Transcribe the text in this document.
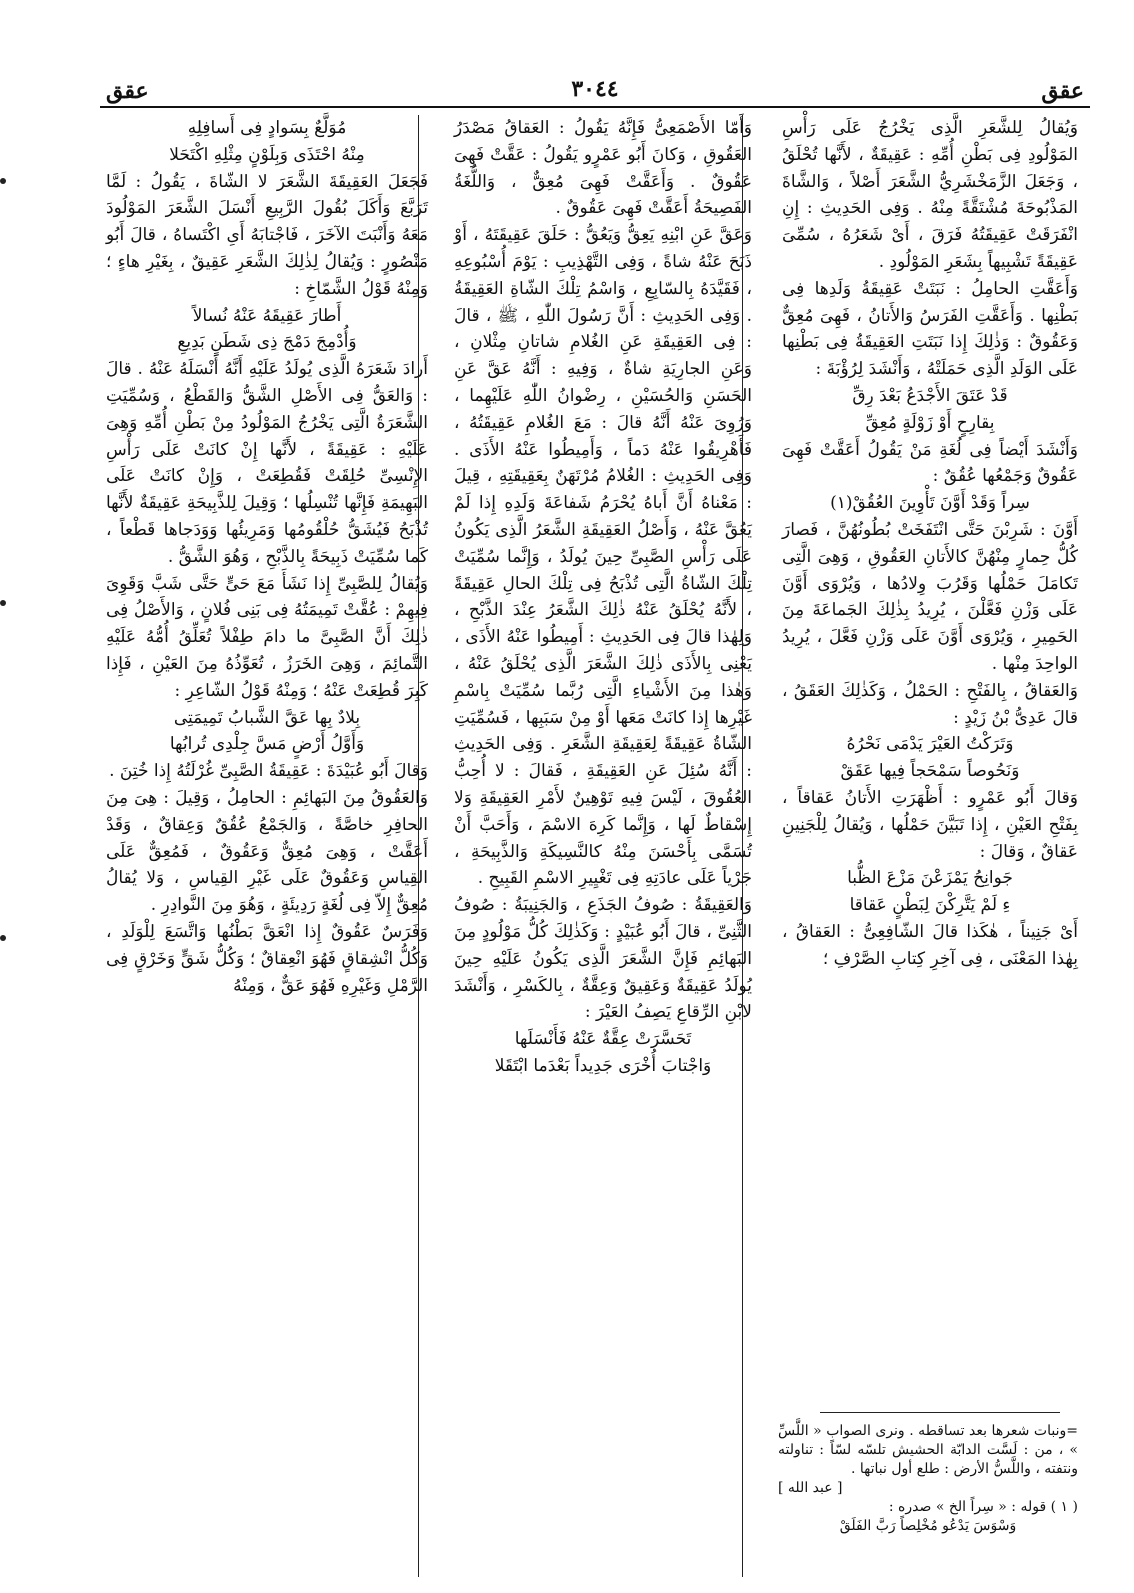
عقق
٣٠٤٤
عقق

وَيُقالُ لِلشَّعَرِ الَّذِى يَخْرُجُ عَلَى رَأْسِ المَوْلُودِ فِى بَطْنِ أُمِّهِ : عَقِيقَةٌ ، لأَنَّها تُحْلَقُ ، وَجَعَلَ الزَّمَخْشَرِيُّ الشَّعَرَ أَصْلاً ، وَالشَّاةَ المَذْبُوحَةَ مُشْتَقَّةً مِنْهُ . وَفِى الحَدِيثِ : إِنِ انْفَرَقَتْ عَقِيقَتُهُ فَرَقَ ، أَىْ شَعَرُهُ ، سُمِّىَ عَقِيقَةً تَشْبِيهاً بِشَعَرِ المَوْلُودِ .

وَأَعَقَّتِ الحامِلُ : نَبَتَتْ عَقِيقَةُ وَلَدِها فِى بَطْنِها . وَأَعَقَّتِ الفَرَسُ وَالأَتانُ ، فَهِىَ مُعِقٌّ وَعَقُوقٌ : وَذٰلِكَ إِذا نَبَتَتِ العَقِيقَةُ فِى بَطْنِها عَلَى الوَلَدِ الَّذِى حَمَلَتْهُ ، وَأَنْشَدَ لِرُؤْبَةَ :

قَدْ عَتَقَ الأَجْدَعُ بَعْدَ رِقِّ

بِقارِحٍ أَوْ زَوْلَةٍ مُعِقِّ

وَأَنْشَدَ أَيْضاً فِى لُغَةِ مَنْ يَقُولُ أَعَقَّتْ فَهِىَ عَقُوقٌ وَجَمْعُها عُقُقٌ :

سِراً وَقَدْ أَوَّنَ تَأْوِينَ العُقُقْ(١)

أَوَّنَ : شَرِبْنَ حَتَّى انْتَفَخَتْ بُطُونُهُنَّ ، فَصارَ كُلُّ حِمارٍ مِنْهُنَّ كالأَتانِ العَقُوقِ ، وَهِىَ الَّتِى تَكامَلَ حَمْلُها وَقَرُبَ وِلادُها ، وَيُرْوَى أَوَّنَ عَلَى وَزْنِ فَعَّلْنَ ، يُرِيدُ بِذٰلِكَ الجَماعَةَ مِنَ الحَمِيرِ ، وَيُرْوَى أَوَّنَ عَلَى وَزْنِ فَعَّلَ ، يُرِيدُ الواحِدَ مِنْها .

وَالعَقاقُ ، بِالفَتْحِ : الحَمْلُ ، وَكَذٰلِكَ العَقَقُ ، قالَ عَدِىُّ بْنُ زَيْدٍ :

وَتَرَكْتُ العَيْرَ يَدْمَى نَحْرُهُ

وَنَحُوصاً سَمْحَجاً فِيها عَقَقْ

وَقالَ أَبُو عَمْرٍو : أَظْهَرَتِ الأَتانُ عَقاقاً ، بِفَتْحِ العَيْنِ ، إِذا تَبَيَّنَ حَمْلُها ، وَيُقالُ لِلْجَنِينِ عَقاقٌ ، وَقالَ :

جَوانِحُ يَمْزَعْنَ مَزْعَ الظُّبا

ءِ لَمْ يَتَّرِكْنَ لِبَطْنٍ عَقاقا

أَىْ جَنِيناً ، هٰكَذا قالَ الشّافِعِىُّ : العَقاقُ ، بِهٰذا المَعْنَى ، فِى آخِرِ كِتابِ الصَّرْفِ ؛

وَأَمّا الأَصْمَعِىُّ فَإِنَّهُ يَقُولُ : العَقاقُ مَصْدَرُ العَقُوقِ ، وَكانَ أَبُو عَمْرٍو يَقُولُ : عَقَّتْ فَهِىَ عَقُوقٌ . وَأَعَقَّتْ فَهِىَ مُعِقٌّ ، وَاللُّغَةُ الفَصِيحَةُ أَعَقَّتْ فَهِىَ عَقُوقٌ .

وَعَقَّ عَنِ ابْنِهِ يَعِقُّ وَيَعُقُّ : حَلَقَ عَقِيقَتَهُ ، أَوْ ذَبَحَ عَنْهُ شاةً ، وَفِى التَّهْذِيبِ : يَوْمَ أُسْبُوعِهِ ، فَقَيَّدَهُ بِالسّابِعِ ، وَاسْمُ تِلْكَ الشّاةِ العَقِيقَةُ . وَفِى الحَدِيثِ : أَنَّ رَسُولَ اللّٰهِ ، ﷺ ، قالَ : فِى العَقِيقَةِ عَنِ الغُلامِ شاتانِ مِثْلانِ ، وَعَنِ الجارِيَةِ شاةٌ ، وَفِيهِ : أَنَّهُ عَقَّ عَنِ الحَسَنِ وَالحُسَيْنِ ، رِضْوانُ اللّٰهِ عَلَيْهِما ، وَرُوِىَ عَنْهُ أَنَّهُ قالَ : مَعَ الغُلامِ عَقِيقَتُهُ ، فَأَهْرِيقُوا عَنْهُ دَماً ، وَأَمِيطُوا عَنْهُ الأَذَى . وَفِى الحَدِيثِ : الغُلامُ مُرْتَهَنٌ بِعَقِيقَتِهِ ، قِيلَ : مَعْناهُ أَنَّ أَباهُ يُحْرَمُ شَفاعَةَ وَلَدِهِ إِذا لَمْ يَعُقَّ عَنْهُ ، وَأَصْلُ العَقِيقَةِ الشَّعَرُ الَّذِى يَكُونُ عَلَى رَأْسِ الصَّبِىِّ حِينَ يُولَدُ ، وَإِنَّما سُمِّيَتْ تِلْكَ الشّاةُ الَّتِى تُذْبَحُ فِى تِلْكَ الحالِ عَقِيقَةً ، لأَنَّهُ يُحْلَقُ عَنْهُ ذٰلِكَ الشَّعَرُ عِنْدَ الذَّبْحِ ، وَلِهٰذا قالَ فِى الحَدِيثِ : أَمِيطُوا عَنْهُ الأَذَى ، يَعْنِى بِالأَذَى ذٰلِكَ الشَّعَرَ الَّذِى يُحْلَقُ عَنْهُ ، وَهٰذا مِنَ الأَشْياءِ الَّتِى رُبَّما سُمِّيَتْ بِاسْمِ غَيْرِها إِذا كانَتْ مَعَها أَوْ مِنْ سَبَبِها ، فَسُمِّيَتِ الشّاةُ عَقِيقَةً لِعَقِيقَةِ الشَّعَرِ . وَفِى الحَدِيثِ : أَنَّهُ سُئِلَ عَنِ العَقِيقَةِ ، فَقالَ : لا أُحِبُّ العُقُوقَ ، لَيْسَ فِيهِ تَوْهِينٌ لأَمْرِ العَقِيقَةِ وَلا إِسْقاطٌ لَها ، وَإِنَّما كَرِهَ الاسْمَ ، وَأَحَبَّ أَنْ تُسَمَّى بِأَحْسَنَ مِنْهُ كالنَّسِيكَةِ وَالذَّبِيحَةِ ، جَرْياً عَلَى عادَتِهِ فِى تَغْيِيرِ الاسْمِ القَبِيحِ .

وَالعَقِيقَةُ : صُوفُ الجَذَعِ ، وَالجَنِيبَةُ : صُوفُ الثَّنِىِّ ، قالَ أَبُو عُبَيْدٍ : وَكَذٰلِكَ كُلُّ مَوْلُودٍ مِنَ البَهائِمِ فَإِنَّ الشَّعَرَ الَّذِى يَكُونُ عَلَيْهِ حِينَ يُولَدُ عَقِيقَةٌ وَعَقِيقٌ وَعِقَّةٌ ، بِالكَسْرِ ، وَأَنْشَدَ لابْنِ الرِّقاعِ يَصِفُ العَيْرَ :

تَحَسَّرَتْ عِقَّةٌ عَنْهُ فَأَنْسَلَها

وَاجْتابَ أُخْرَى جَدِيداً بَعْدَما ابْتَقَلا

مُوَلَّعٌ بِسَوادٍ فِى أَسافِلِهِ

مِنْهُ احْتَذَى وَبِلَوْنٍ مِثْلِهِ اكْتَحَلا

فَجَعَلَ العَقِيقَةَ الشَّعَرَ لا الشّاةَ ، يَقُولُ : لَمَّا تَرَبَّعَ وَأَكَلَ بُقُولَ الرَّبِيعِ أَنْسَلَ الشَّعَرَ المَوْلُودَ مَعَهُ وَأَنْبَتَ الآخَرَ ، فَاجْتابَهُ أَىِ اكْتَساهُ ، قالَ أَبُو مَنْصُورٍ : وَيُقالُ لِذٰلِكَ الشَّعَرِ عَقِيقٌ ، بِغَيْرِ هاءٍ ؛ وَمِنْهُ قَوْلُ الشَّمّاخِ :

أَطارَ عَقِيقَهُ عَنْهُ نُسالاً

وَأُدْمِجَ دَمْجَ ذِى شَطَنٍ بَدِيعِ

أَرادَ شَعَرَهُ الَّذِى يُولَدُ عَلَيْهِ أَنَّهُ أَنْسَلَهُ عَنْهُ . قالَ : وَالعَقُّ فِى الأَصْلِ الشَّقُّ وَالقَطْعُ ، وَسُمِّيَتِ الشَّعَرَةُ الَّتِى يَخْرُجُ المَوْلُودُ مِنْ بَطْنِ أُمِّهِ وَهِىَ عَلَيْهِ : عَقِيقَةً ، لأَنَّها إِنْ كانَتْ عَلَى رَأْسِ الإِنْسِىِّ حُلِقَتْ فَقُطِعَتْ ، وَإِنْ كانَتْ عَلَى البَهِيمَةِ فَإِنَّها تُنْسِلُها ؛ وَقِيلَ لِلذَّبِيحَةِ عَقِيقَةٌ لأَنَّها تُذْبَحُ فَيُشَقُّ حُلْقُومُها وَمَرِيئُها وَوَدَجاها قَطْعاً ، كَما سُمِّيَتْ ذَبِيحَةً بِالذَّبْحِ ، وَهُوَ الشَّقُّ .

وَيُقالُ لِلصَّبِىِّ إِذا نَشَأَ مَعَ حَىٍّ حَتَّى شَبَّ وَقَوِىَ فِيهِمْ : عُقَّتْ تَمِيمَتُهُ فِى بَنِى فُلانٍ ، وَالأَصْلُ فِى ذٰلِكَ أَنَّ الصَّبِىَّ ما دامَ طِفْلاً تُعَلِّقُ أُمُّهُ عَلَيْهِ التَّمائِمَ ، وَهِىَ الخَرَزُ ، تُعَوِّذُهُ مِنَ العَيْنِ ، فَإِذا كَبِرَ قُطِعَتْ عَنْهُ ؛ وَمِنْهُ قَوْلُ الشّاعِرِ :

بِلادٌ بِها عَقَّ الشَّبابُ تَمِيمَتِى

وَأَوَّلُ أَرْضٍ مَسَّ جِلْدِى تُرابُها

وَقالَ أَبُو عُبَيْدَةَ : عَقِيقَةُ الصَّبِىِّ غُرْلَتُهُ إِذا خُتِنَ .

وَالعَقُوقُ مِنَ البَهائِمِ : الحامِلُ ، وَقِيلَ : هِىَ مِنَ الحافِرِ خاصَّةً ، وَالجَمْعُ عُقُقٌ وَعِقاقٌ ، وَقَدْ أَعَقَّتْ ، وَهِىَ مُعِقٌّ وَعَقُوقٌ ، فَمُعِقٌّ عَلَى القِياسِ وَعَقُوقٌ عَلَى غَيْرِ القِياسِ ، وَلا يُقالُ مُعِقٌّ إِلاّ فِى لُغَةٍ رَدِيئَةٍ ، وَهُوَ مِنَ النَّوادِرِ .

وَفَرَسٌ عَقُوقٌ إِذا انْعَقَّ بَطْنُها وَاتَّسَعَ لِلْوَلَدِ ، وَكُلُّ انْشِقاقٍ فَهُوَ انْعِقاقٌ ؛ وَكُلُّ شَقٍّ وَخَرْقٍ فِى الرَّمْلِ وَغَيْرِهِ فَهُوَ عَقٌّ ، وَمِنْهُ

=ونبات شعرها بعد تساقطه . ونرى الصواب « اللَّسِّ » ، من : لَسَّت الدابّة الحشيش تلسّه لسّاً : تناولته ونتفته ، واللَّسُّ الأرض : طلع أول نباتها .

[ عبد الله ]

( ١ ) قوله : « سِراً الخ » صدره :

وَسْوَسَ يَدْعُو مُخْلِصاً رَبَّ الفَلَقْ
